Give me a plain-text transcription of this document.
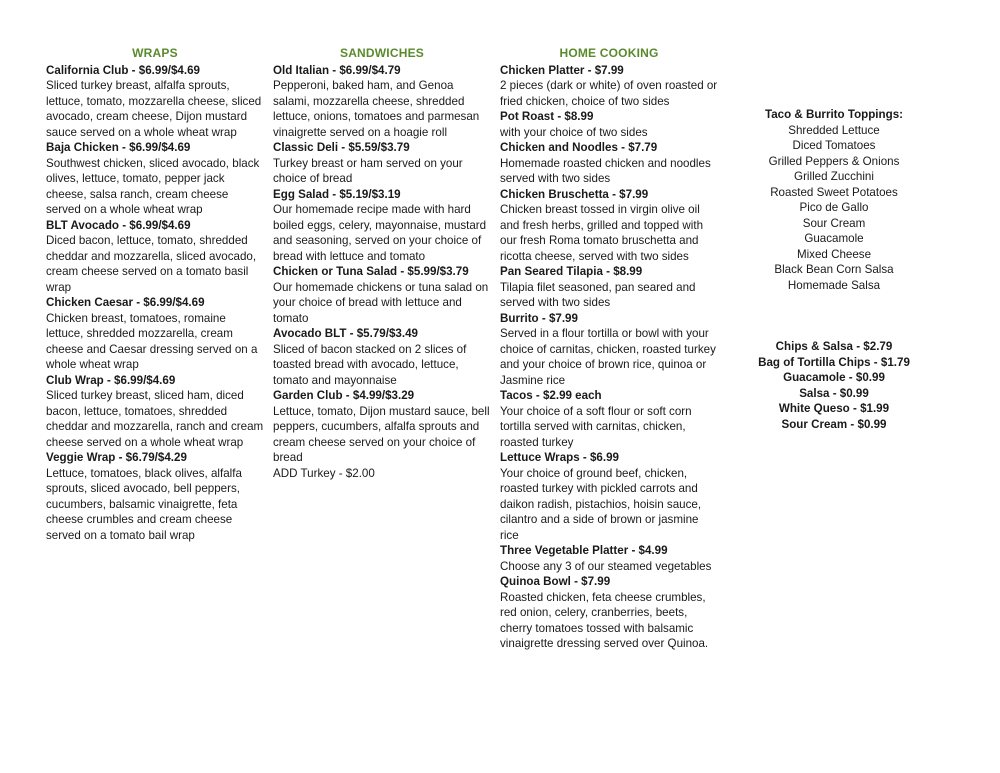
WRAPS
California Club - $6.99/$4.69
Sliced turkey breast, alfalfa sprouts, lettuce, tomato, mozzarella cheese, sliced avocado, cream cheese, Dijon mustard sauce served on a whole wheat wrap
Baja Chicken - $6.99/$4.69
Southwest chicken, sliced avocado, black olives, lettuce, tomato, pepper jack cheese, salsa ranch, cream cheese served on a whole wheat wrap
BLT Avocado - $6.99/$4.69
Diced bacon, lettuce, tomato, shredded cheddar and mozzarella, sliced avocado, cream cheese served on a tomato basil wrap
Chicken Caesar - $6.99/$4.69
Chicken breast, tomatoes, romaine lettuce, shredded mozzarella, cream cheese and Caesar dressing served on a whole wheat wrap
Club Wrap - $6.99/$4.69
Sliced turkey breast, sliced ham, diced bacon, lettuce, tomatoes, shredded cheddar and mozzarella, ranch and cream cheese served on a whole wheat wrap
Veggie Wrap - $6.79/$4.29
Lettuce, tomatoes, black olives, alfalfa sprouts, sliced avocado, bell peppers, cucumbers, balsamic vinaigrette, feta cheese crumbles and cream cheese served on a tomato bail wrap
SANDWICHES
Old Italian - $6.99/$4.79
Pepperoni, baked ham, and Genoa salami, mozzarella cheese, shredded lettuce, onions, tomatoes and parmesan vinaigrette served on a hoagie roll
Classic Deli - $5.59/$3.79
Turkey breast or ham served on your choice of bread
Egg Salad - $5.19/$3.19
Our homemade recipe made with hard boiled eggs, celery, mayonnaise, mustard and seasoning, served on your choice of bread with lettuce and tomato
Chicken or Tuna Salad - $5.99/$3.79
Our homemade chickens or tuna salad on your choice of bread with lettuce and tomato
Avocado BLT - $5.79/$3.49
Sliced of bacon stacked on 2 slices of toasted bread with avocado, lettuce, tomato and mayonnaise
Garden Club - $4.99/$3.29
Lettuce, tomato, Dijon mustard sauce, bell peppers, cucumbers, alfalfa sprouts and cream cheese served on your choice of bread
ADD Turkey - $2.00
HOME COOKING
Chicken Platter - $7.99
2 pieces (dark or white) of oven roasted or fried chicken, choice of two sides
Pot Roast - $8.99
with your choice of two sides
Chicken and Noodles - $7.79
Homemade roasted chicken and noodles served with two sides
Chicken Bruschetta - $7.99
Chicken breast tossed in virgin olive oil and fresh herbs, grilled and topped with our fresh Roma tomato bruschetta and ricotta cheese, served with two sides
Pan Seared Tilapia - $8.99
Tilapia filet seasoned, pan seared and served with two sides
Burrito - $7.99
Served in a flour tortilla or bowl with your choice of carnitas, chicken, roasted turkey and your choice of brown rice, quinoa or Jasmine rice
Tacos - $2.99 each
Your choice of a soft flour or soft corn tortilla served with carnitas, chicken, roasted turkey
Lettuce Wraps - $6.99
Your choice of ground beef, chicken, roasted turkey with pickled carrots and daikon radish, pistachios, hoisin sauce, cilantro and a side of brown or jasmine rice
Three Vegetable Platter - $4.99
Choose any 3 of our steamed vegetables
Quinoa Bowl - $7.99
Roasted chicken, feta cheese crumbles, red onion, celery, cranberries, beets, cherry tomatoes tossed with balsamic vinaigrette dressing served over Quinoa.
Taco & Burrito Toppings:
Shredded Lettuce
Diced Tomatoes
Grilled Peppers & Onions
Grilled Zucchini
Roasted Sweet Potatoes
Pico de Gallo
Sour Cream
Guacamole
Mixed Cheese
Black Bean Corn Salsa
Homemade Salsa
Chips & Salsa - $2.79
Bag of Tortilla Chips - $1.79
Guacamole - $0.99
Salsa - $0.99
White Queso - $1.99
Sour Cream - $0.99
